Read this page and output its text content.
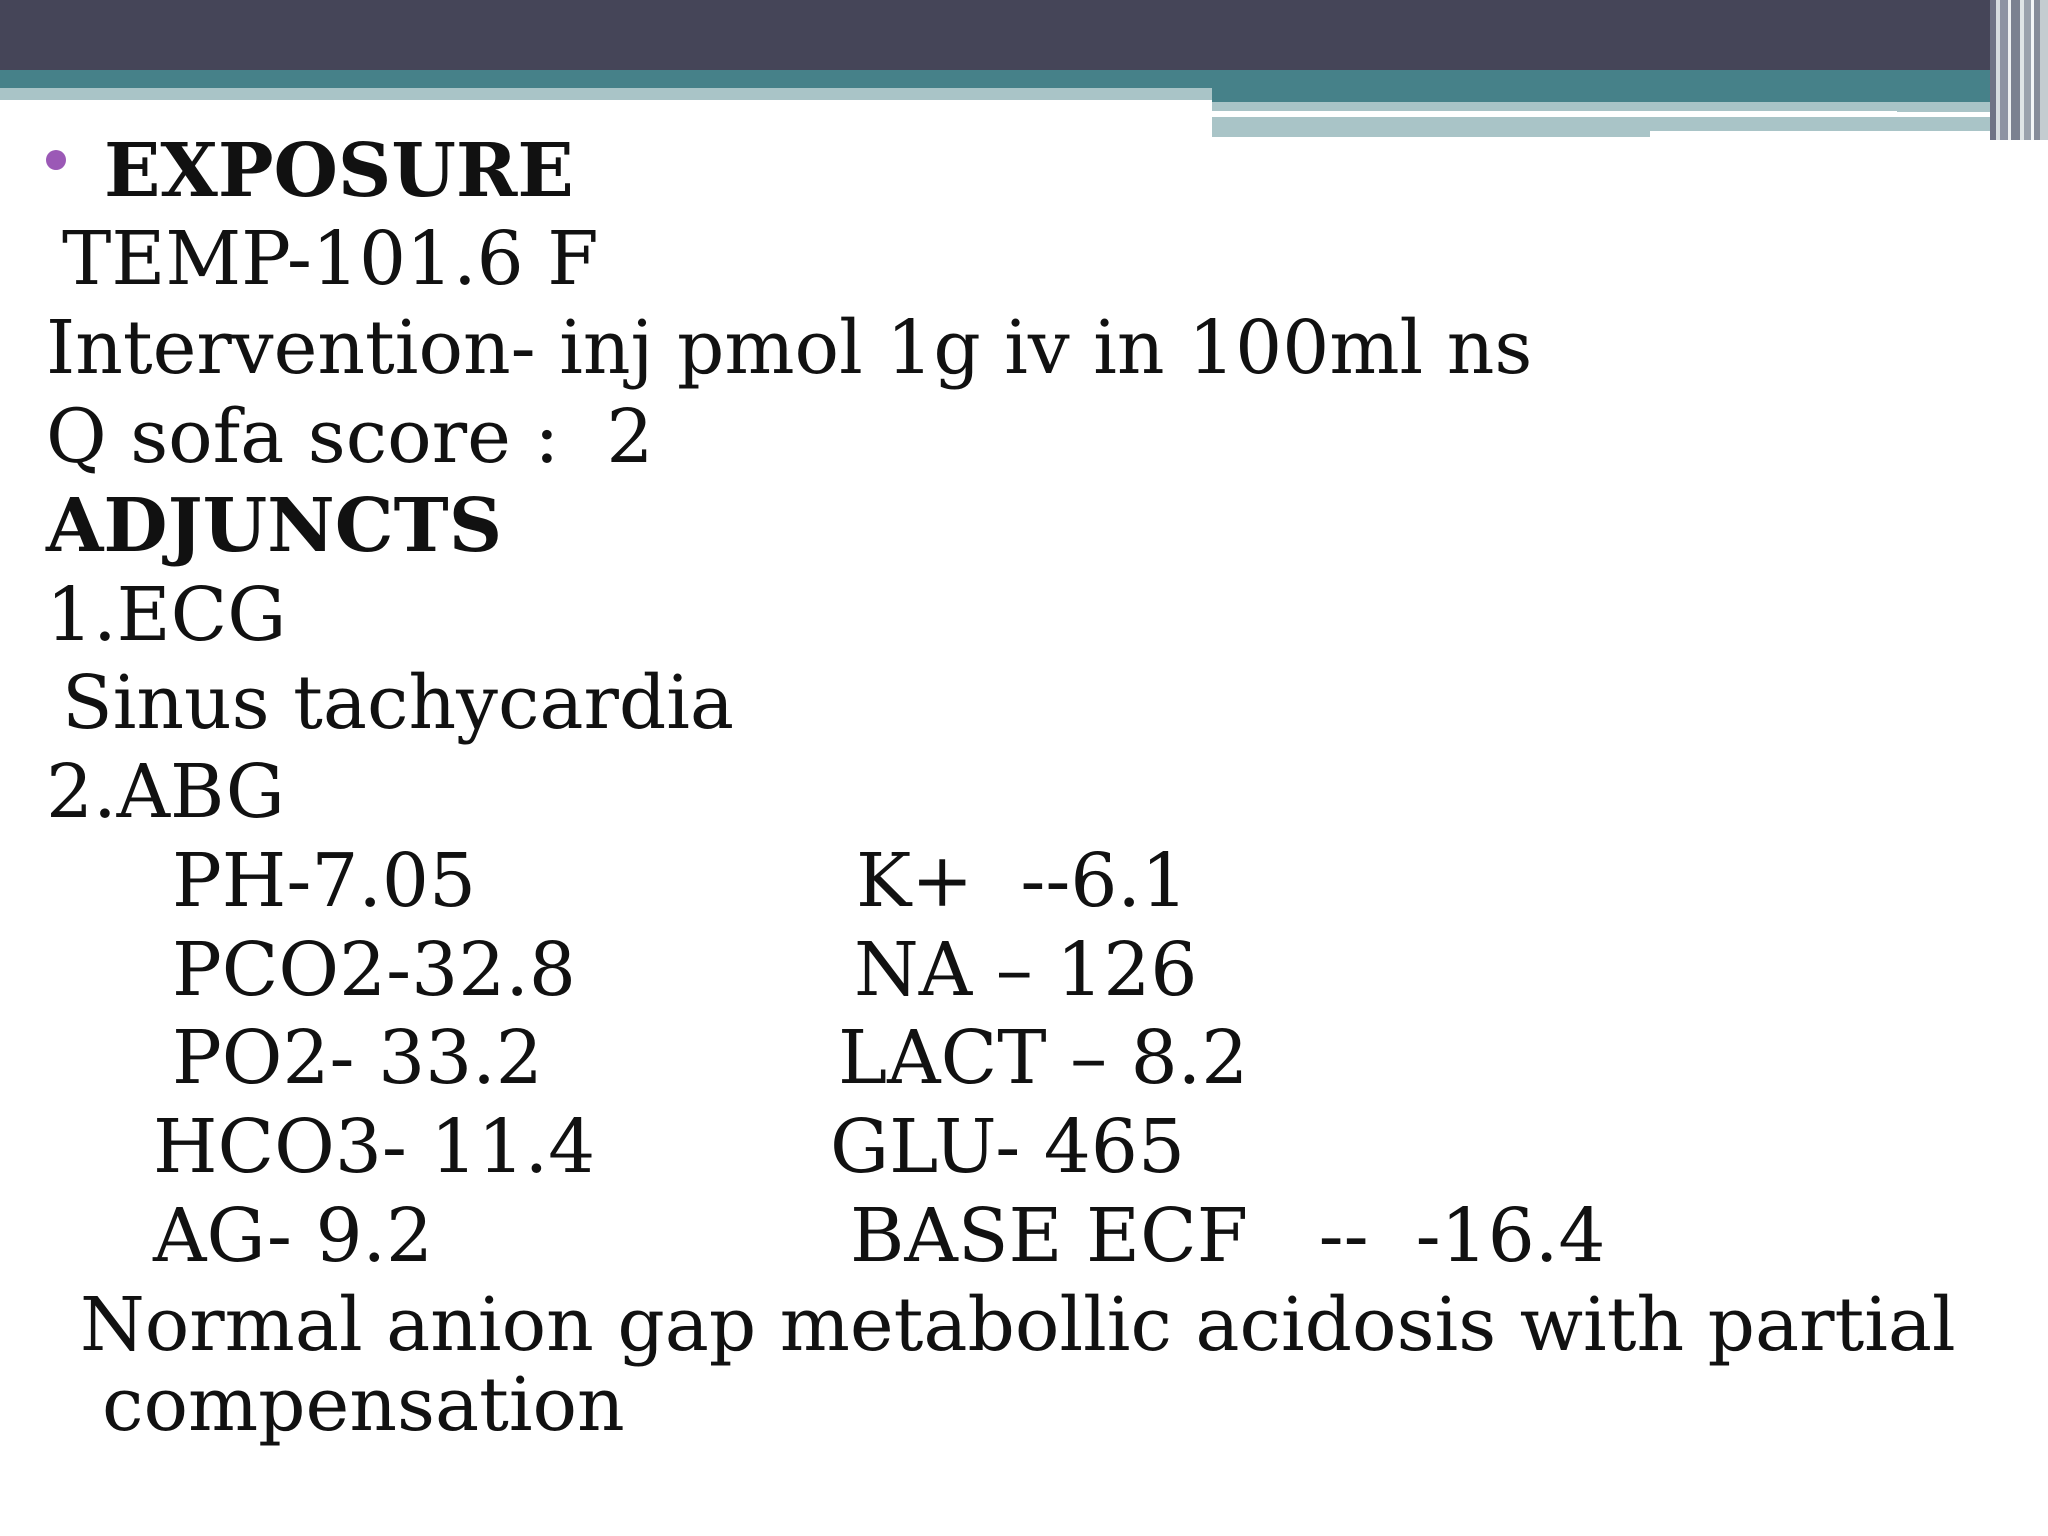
EXPOSURE
TEMP-101.6 F
Intervention- inj pmol 1g iv in 100ml ns
Q sofa score :  2
ADJUNCTS
1.ECG
Sinus tachycardia
2.ABG
PH-7.05
PCO2-32.8
PO2- 33.2
HCO3- 11.4
AG- 9.2
K+  --6.1
NA – 126
LACT – 8.2
GLU- 465
BASE ECF   --  -16.4
Normal anion gap metabollic acidosis with partial
compensation
